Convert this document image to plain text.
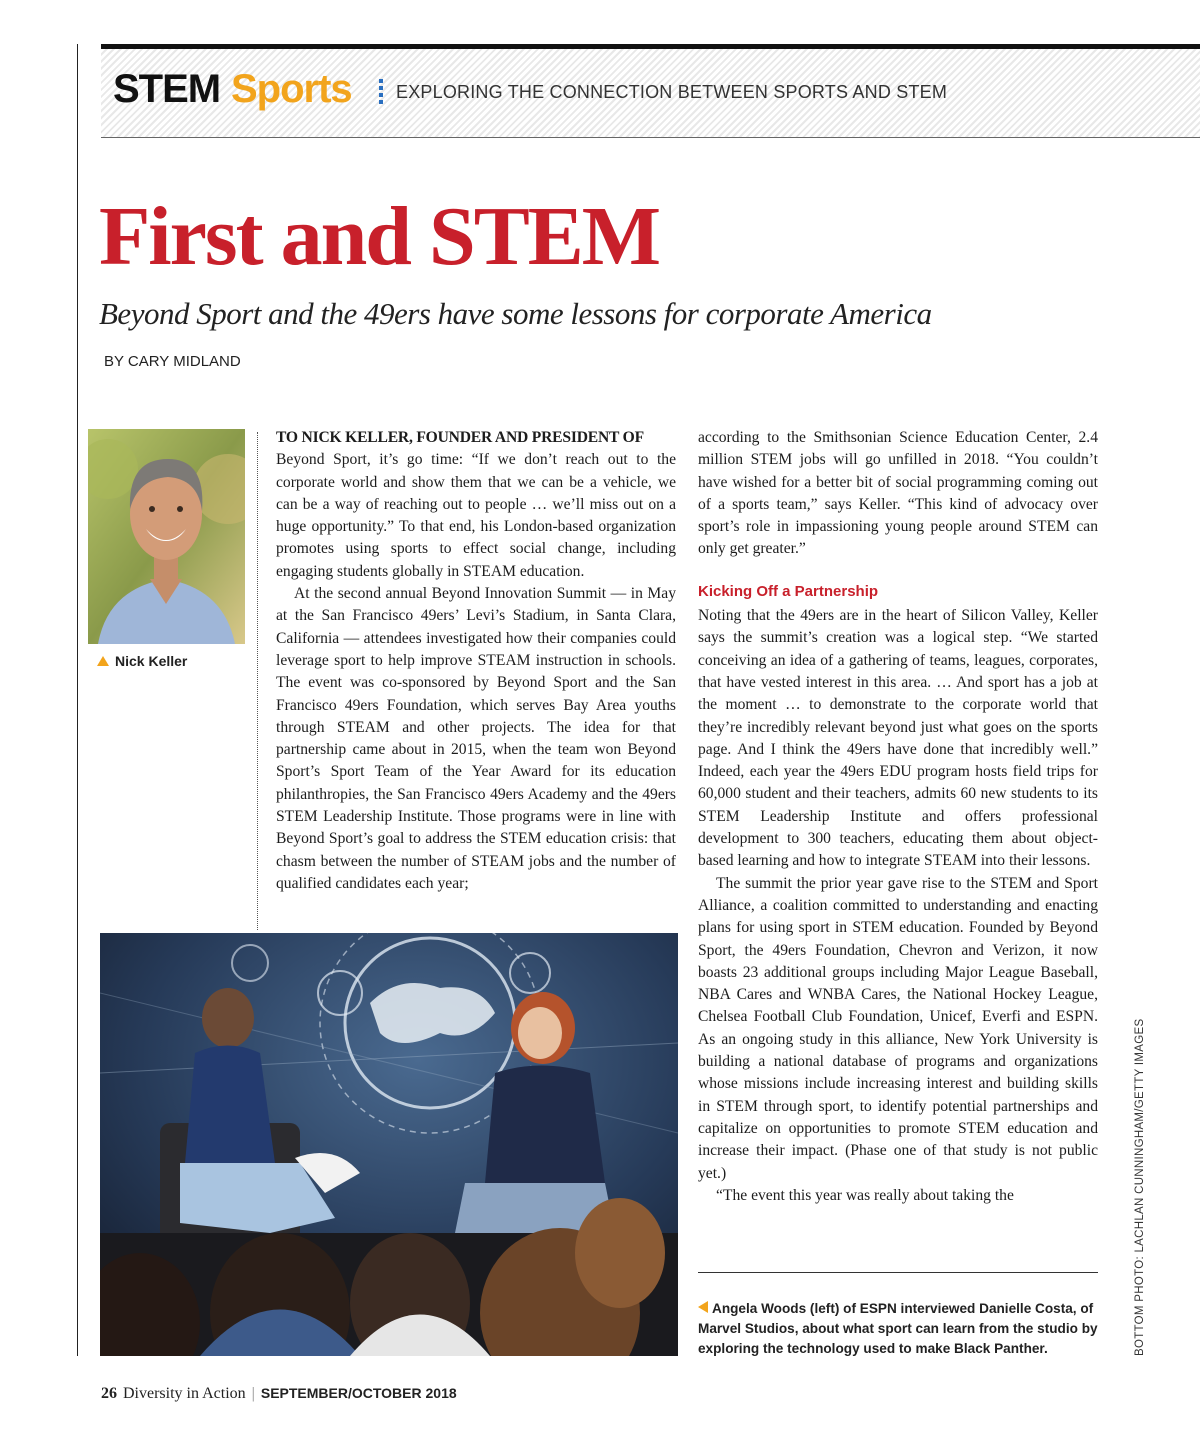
STEM Sports EXPLORING THE CONNECTION BETWEEN SPORTS AND STEM
First and STEM
Beyond Sport and the 49ers have some lessons for corporate America
BY CARY MIDLAND
Nick Keller

TO NICK KELLER, FOUNDER AND PRESIDENT OF
Beyond Sport, it’s go time: “If we don’t reach out to the corporate world and show them that we can be a vehicle, we can be a way of reaching out to people … we’ll miss out on a huge opportunity.” To that end, his London-based organization promotes using sports to effect social change, including engaging students globally in STEAM education.

At the second annual Beyond Innovation Summit — in May at the San Francisco 49ers’ Levi’s Stadium, in Santa Clara, California — attendees investigated how their companies could leverage sport to help improve STEAM instruction in schools. The event was co-sponsored by Beyond Sport and the San Francisco 49ers Foundation, which serves Bay Area youths through STEAM and other projects. The idea for that partnership came about in 2015, when the team won Beyond Sport’s Sport Team of the Year Award for its education philanthropies, the San Francisco 49ers Academy and the 49ers STEM Leadership Institute. Those programs were in line with Beyond Sport’s goal to address the STEM education crisis: that chasm between the number of STEAM jobs and the number of qualified candidates each year;

according to the Smithsonian Science Education Center, 2.4 million STEM jobs will go unfilled in 2018. “You couldn’t have wished for a better bit of social programming coming out of a sports team,” says Keller. “This kind of advocacy over sport’s role in impassioning young people around STEM can only get greater.”

Kicking Off a Partnership

Noting that the 49ers are in the heart of Silicon Valley, Keller says the summit’s creation was a logical step. “We started conceiving an idea of a gathering of teams, leagues, corporates, that have vested interest in this area. … And sport has a job at the moment … to demonstrate to the corporate world that they’re incredibly relevant beyond just what goes on the sports page. And I think the 49ers have done that incredibly well.” Indeed, each year the 49ers EDU program hosts field trips for 60,000 student and their teachers, admits 60 new students to its STEM Leadership Institute and offers professional development to 300 teachers, educating them about object-based learning and how to integrate STEAM into their lessons.

The summit the prior year gave rise to the STEM and Sport Alliance, a coalition committed to understanding and enacting plans for using sport in STEM education. Founded by Beyond Sport, the 49ers Foundation, Chevron and Verizon, it now boasts 23 additional groups including Major League Baseball, NBA Cares and WNBA Cares, the National Hockey League, Chelsea Football Club Foundation, Unicef, Everfi and ESPN. As an ongoing study in this alliance, New York University is building a national database of programs and organizations whose missions include increasing interest and building skills in STEM through sport, to identify potential partnerships and capitalize on opportunities to promote STEM education and increase their impact. (Phase one of that study is not public yet.)

“The event this year was really about taking the

Angela Woods (left) of ESPN interviewed Danielle Costa, of Marvel Studios, about what sport can learn from the studio by exploring the technology used to make Black Panther.	BOTTOM PHOTO: LACHLAN CUNNINGHAM/GETTY IMAGES
26 Diversity in Action | SEPTEMBER/OCTOBER 2018
